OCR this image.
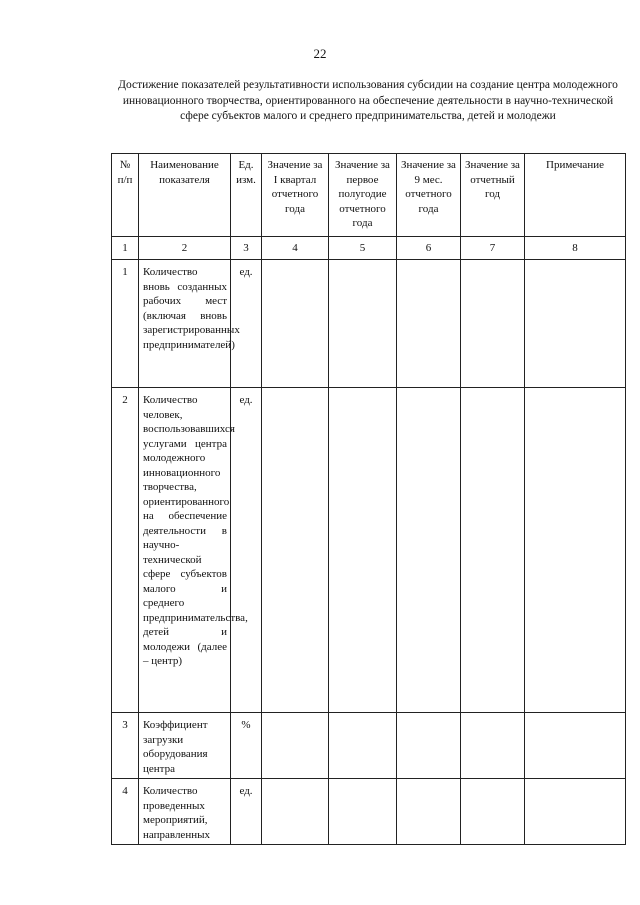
22
Достижение показателей результативности использования субсидии на создание центра молодежного инновационного творчества, ориентированного на обеспечение деятельности в научно-технической сфере субъектов малого и среднего предпринимательства, детей и молодежи
№ п/п	Наименование показателя	Ед. изм.	Значение за I квартал отчетного года	Значение за первое полугодие отчетного года	Значение за 9 мес. отчетного года	Значение за отчетный год	Примечание
1	2	3	4	5	6	7	8
1	Количество вновь созданных рабочих мест (включая вновь зарегистрированных предпринимателей)	ед.					
2	Количество человек, воспользовавшихся услугами центра молодежного инновационного творчества, ориентированного на обеспечение деятельности в научно-технической сфере субъектов малого и среднего предпринимательства, детей и молодежи (далее – центр)	ед.					
3	Коэффициент загрузки оборудования центра	%					
4	Количество проведенных мероприятий, направленных	ед.					
